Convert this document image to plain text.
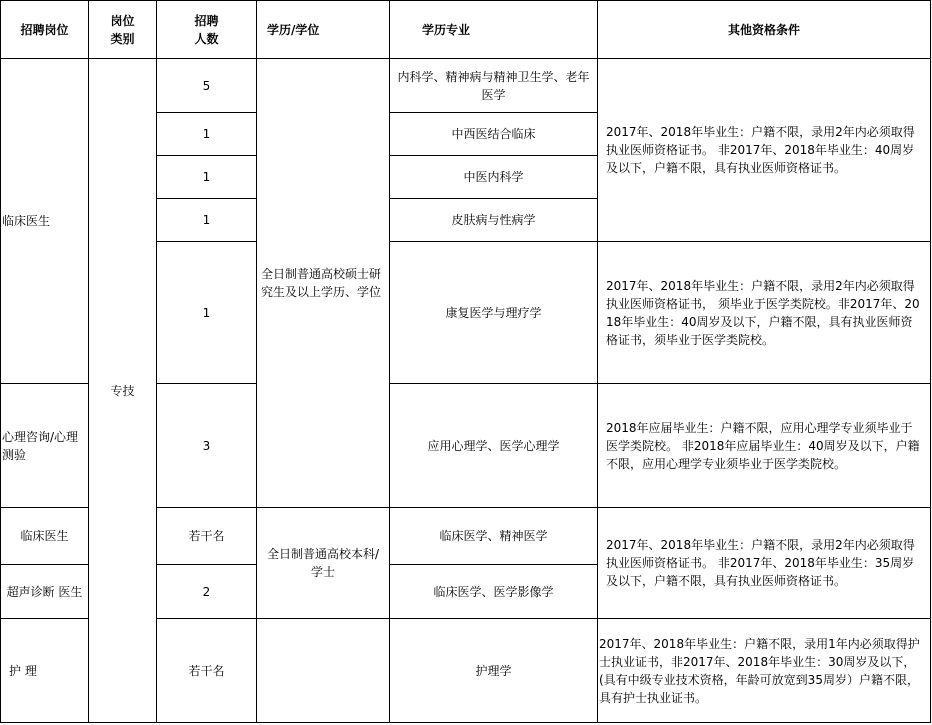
招聘岗位	岗位类别	招聘人数	学历/学位	学历专业	其他资格条件
临床医生	专技	5	全日制普通高校硕士研究生及以上学历、学位	内科学、精神病与精神卫生学、老年医学	2017年、2018年毕业生：户籍不限，录用2年内必须取得执业医师资格证书。 非2017年、2018年毕业生：40周岁及以下，户籍不限，具有执业医师资格证书。
		1		中西医结合临床	
		1		中医内科学	
		1		皮肤病与性病学	
		1		康复医学与理疗学	2017年、2018年毕业生：户籍不限，录用2年内必须取得执业医师资格证书， 须毕业于医学类院校。非2017年、2018年毕业生：40周岁及以下，户籍不限，具有执业医师资格证书，须毕业于医学类院校。
心理咨询/心理测验		3		应用心理学、医学心理学	2018年应届毕业生：户籍不限，应用心理学专业须毕业于医学类院校。 非2018年应届毕业生：40周岁及以下，户籍不限，应用心理学专业须毕业于医学类院校。
临床医生		若干名	全日制普通高校本科/学士	临床医学、精神医学	2017年、2018年毕业生：户籍不限，录用2年内必须取得执业医师资格证书。 非2017年、2018年毕业生：35周岁及以下，户籍不限，具有执业医师资格证书。
超声诊断 医生		2		临床医学、医学影像学	
护 理		若干名		护理学	2017年、2018年毕业生：户籍不限，录用1年内必须取得护士执业证书，非2017年、2018年毕业生：30周岁及以下，(具有中级专业技术资格，年龄可放宽到35周岁）户籍不限，具有护士执业证书。
